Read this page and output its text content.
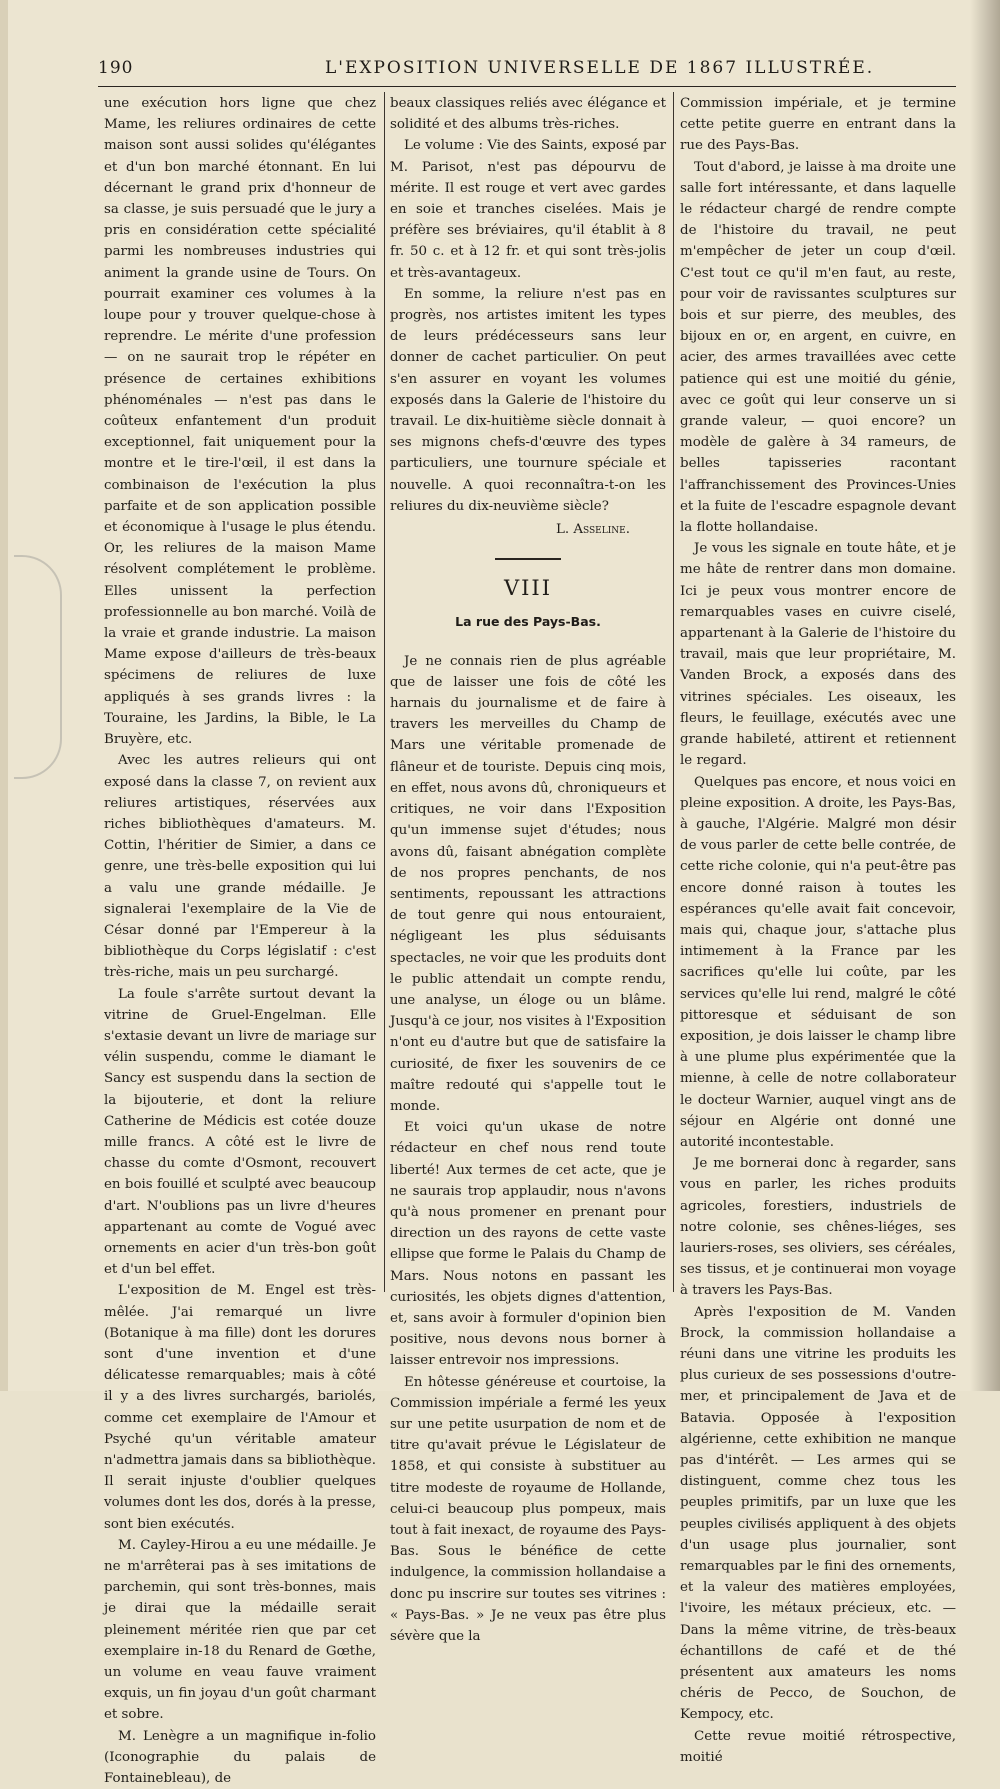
190	L'EXPOSITION UNIVERSELLE DE 1867 ILLUSTRÉE.

une exécution hors ligne que chez Mame, les reliures ordinaires de cette maison sont aussi solides qu'élégantes et d'un bon marché étonnant. En lui décernant le grand prix d'honneur de sa classe, je suis persuadé que le jury a pris en considération cette spécialité parmi les nombreuses industries qui animent la grande usine de Tours. On pourrait examiner ces volumes à la loupe pour y trouver quelque-chose à reprendre. Le mérite d'une profession — on ne saurait trop le répéter en présence de certaines exhibitions phénoménales — n'est pas dans le coûteux enfantement d'un produit exceptionnel, fait uniquement pour la montre et le tire-l'œil, il est dans la combinaison de l'exécution la plus parfaite et de son application possible et économique à l'usage le plus étendu. Or, les reliures de la maison Mame résolvent complétement le problème. Elles unissent la perfection professionnelle au bon marché. Voilà de la vraie et grande industrie. La maison Mame expose d'ailleurs de très-beaux spécimens de reliures de luxe appliqués à ses grands livres : la Touraine, les Jardins, la Bible, le La Bruyère, etc.

Avec les autres relieurs qui ont exposé dans la classe 7, on revient aux reliures artistiques, réservées aux riches bibliothèques d'amateurs. M. Cottin, l'héritier de Simier, a dans ce genre, une très-belle exposition qui lui a valu une grande médaille. Je signalerai l'exemplaire de la Vie de César donné par l'Empereur à la bibliothèque du Corps législatif : c'est très-riche, mais un peu surchargé.

La foule s'arrête surtout devant la vitrine de Gruel-Engelman. Elle s'extasie devant un livre de mariage sur vélin suspendu, comme le diamant le Sancy est suspendu dans la section de la bijouterie, et dont la reliure Catherine de Médicis est cotée douze mille francs. A côté est le livre de chasse du comte d'Osmont, recouvert en bois fouillé et sculpté avec beaucoup d'art. N'oublions pas un livre d'heures appartenant au comte de Vogué avec ornements en acier d'un très-bon goût et d'un bel effet.

L'exposition de M. Engel est très-mêlée. J'ai remarqué un livre (Botanique à ma fille) dont les dorures sont d'une invention et d'une délicatesse remarquables; mais à côté il y a des livres surchargés, bariolés, comme cet exemplaire de l'Amour et Psyché qu'un véritable amateur n'admettra jamais dans sa bibliothèque. Il serait injuste d'oublier quelques volumes dont les dos, dorés à la presse, sont bien exécutés.

M. Cayley-Hirou a eu une médaille. Je ne m'arrêterai pas à ses imitations de parchemin, qui sont très-bonnes, mais je dirai que la médaille serait pleinement méritée rien que par cet exemplaire in-18 du Renard de Gœthe, un volume en veau fauve vraiment exquis, un fin joyau d'un goût charmant et sobre.

M. Lenègre a un magnifique in-folio (Iconographie du palais de Fontainebleau), de

beaux classiques reliés avec élégance et solidité et des albums très-riches.

Le volume : Vie des Saints, exposé par M. Parisot, n'est pas dépourvu de mérite. Il est rouge et vert avec gardes en soie et tranches ciselées. Mais je préfère ses bréviaires, qu'il établit à 8 fr. 50 c. et à 12 fr. et qui sont très-jolis et très-avantageux.

En somme, la reliure n'est pas en progrès, nos artistes imitent les types de leurs prédécesseurs sans leur donner de cachet particulier. On peut s'en assurer en voyant les volumes exposés dans la Galerie de l'histoire du travail. Le dix-huitième siècle donnait à ses mignons chefs-d'œuvre des types particuliers, une tournure spéciale et nouvelle. A quoi reconnaîtra-t-on les reliures du dix-neuvième siècle?

L. Asseline.
VIII
La rue des Pays-Bas.

Je ne connais rien de plus agréable que de laisser une fois de côté les harnais du journalisme et de faire à travers les merveilles du Champ de Mars une véritable promenade de flâneur et de touriste. Depuis cinq mois, en effet, nous avons dû, chroniqueurs et critiques, ne voir dans l'Exposition qu'un immense sujet d'études; nous avons dû, faisant abnégation complète de nos propres penchants, de nos sentiments, repoussant les attractions de tout genre qui nous entouraient, négligeant les plus séduisants spectacles, ne voir que les produits dont le public attendait un compte rendu, une analyse, un éloge ou un blâme. Jusqu'à ce jour, nos visites à l'Exposition n'ont eu d'autre but que de satisfaire la curiosité, de fixer les souvenirs de ce maître redouté qui s'appelle tout le monde.

Et voici qu'un ukase de notre rédacteur en chef nous rend toute liberté! Aux termes de cet acte, que je ne saurais trop applaudir, nous n'avons qu'à nous promener en prenant pour direction un des rayons de cette vaste ellipse que forme le Palais du Champ de Mars. Nous notons en passant les curiosités, les objets dignes d'attention, et, sans avoir à formuler d'opinion bien positive, nous devons nous borner à laisser entrevoir nos impressions.

En hôtesse généreuse et courtoise, la Commission impériale a fermé les yeux sur une petite usurpation de nom et de titre qu'avait prévue le Législateur de 1858, et qui consiste à substituer au titre modeste de royaume de Hollande, celui-ci beaucoup plus pompeux, mais tout à fait inexact, de royaume des Pays-Bas. Sous le bénéfice de cette indulgence, la commission hollandaise a donc pu inscrire sur toutes ses vitrines : « Pays-Bas. » Je ne veux pas être plus sévère que la

Commission impériale, et je termine cette petite guerre en entrant dans la rue des Pays-Bas.

Tout d'abord, je laisse à ma droite une salle fort intéressante, et dans laquelle le rédacteur chargé de rendre compte de l'histoire du travail, ne peut m'empêcher de jeter un coup d'œil. C'est tout ce qu'il m'en faut, au reste, pour voir de ravissantes sculptures sur bois et sur pierre, des meubles, des bijoux en or, en argent, en cuivre, en acier, des armes travaillées avec cette patience qui est une moitié du génie, avec ce goût qui leur conserve un si grande valeur, — quoi encore? un modèle de galère à 34 rameurs, de belles tapisseries racontant l'affranchissement des Provinces-Unies et la fuite de l'escadre espagnole devant la flotte hollandaise.

Je vous les signale en toute hâte, et je me hâte de rentrer dans mon domaine. Ici je peux vous montrer encore de remarquables vases en cuivre ciselé, appartenant à la Galerie de l'histoire du travail, mais que leur propriétaire, M. Vanden Brock, a exposés dans des vitrines spéciales. Les oiseaux, les fleurs, le feuillage, exécutés avec une grande habileté, attirent et retiennent le regard.

Quelques pas encore, et nous voici en pleine exposition. A droite, les Pays-Bas, à gauche, l'Algérie. Malgré mon désir de vous parler de cette belle contrée, de cette riche colonie, qui n'a peut-être pas encore donné raison à toutes les espérances qu'elle avait fait concevoir, mais qui, chaque jour, s'attache plus intimement à la France par les sacrifices qu'elle lui coûte, par les services qu'elle lui rend, malgré le côté pittoresque et séduisant de son exposition, je dois laisser le champ libre à une plume plus expérimentée que la mienne, à celle de notre collaborateur le docteur Warnier, auquel vingt ans de séjour en Algérie ont donné une autorité incontestable.

Je me bornerai donc à regarder, sans vous en parler, les riches produits agricoles, forestiers, industriels de notre colonie, ses chênes-liéges, ses lauriers-roses, ses oliviers, ses céréales, ses tissus, et je continuerai mon voyage à travers les Pays-Bas.

Après l'exposition de M. Vanden Brock, la commission hollandaise a réuni dans une vitrine les produits les plus curieux de ses possessions d'outre-mer, et principalement de Java et de Batavia. Opposée à l'exposition algérienne, cette exhibition ne manque pas d'intérêt. — Les armes qui se distinguent, comme chez tous les peuples primitifs, par un luxe que les peuples civilisés appliquent à des objets d'un usage plus journalier, sont remarquables par le fini des ornements, et la valeur des matières employées, l'ivoire, les métaux précieux, etc. — Dans la même vitrine, de très-beaux échantillons de café et de thé présentent aux amateurs les noms chéris de Pecco, de Souchon, de Kempocy, etc.

Cette revue moitié rétrospective, moitié
